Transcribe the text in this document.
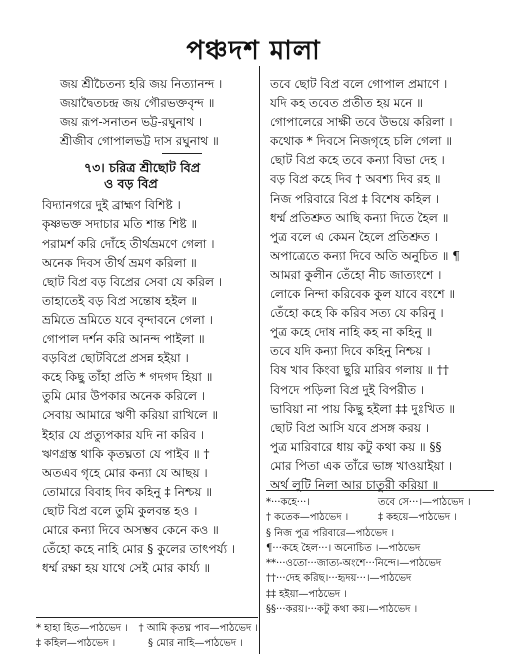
পঞ্চদশ মালা
জয় শ্রীচৈতন্য হরি জয় নিত্যানন্দ ।
জয়াদ্বৈতচন্দ্র জয় গৌরভক্তবৃন্দ ॥
জয় রূপ-সনাতন ভট্ট-রঘুনাথ ।
শ্রীজীব গোপালভট্ট দাস রঘুনাথ ॥
৭৩। চরিত্র শ্রীছোট বিপ্র
ও বড় বিপ্র
বিদ্যানগরে দুই ব্রাহ্মণ বিশিষ্ট ।
কৃষ্ণভক্ত সদাচার মতি শান্ত শিষ্ট ॥
পরামর্শ করি দোঁহে তীর্থভ্রমণে গেলা ।
অনেক দিবস তীর্থ ভ্রমণ করিলা ॥
ছোট বিপ্র বড় বিপ্রের সেবা যে করিল ।
তাহাতেই বড় বিপ্র সন্তোষ হইল ॥
ভ্রমিতে ভ্রমিতে যবে বৃন্দাবনে গেলা ।
গোপাল দর্শন করি আনন্দ পাইলা ॥
বড়বিপ্র ছোটবিপ্রে প্রসন্ন হইয়া ।
কহে কিছু তাঁহা প্রতি * গদগদ হিয়া ॥
তুমি মোর উপকার অনেক করিলে ।
সেবায় আমারে ঋণী করিয়া রাখিলে ॥
ইহার যে প্রত্যুপকার যদি না করিব ।
ঋণগ্রস্ত থাকি কৃতঘ্নতা যে পাইব ॥ †
অতএব গৃহে মোর কন্যা যে আছয় ।
তোমারে বিবাহ দিব কহিনু ‡ নিশ্চয় ॥
ছোট বিপ্র বলে তুমি কুলবন্ত হও ।
মোরে কন্যা দিবে অসম্ভব কেনে কও ॥
তেঁহো কহে নাহি মোর § কুলের তাৎপর্য্য ।
ধর্ম্ম রক্ষা হয় যাথে সেই মোর কার্য্য ॥
তবে ছোট বিপ্র বলে গোপাল প্রমাণে ।
যদি কহ তবেত প্রতীত হয় মনে ॥
গোপালেরে সাক্ষী তবে উভয়ে করিলা ।
কথোক * দিবসে নিজগৃহে চলি গেলা ॥
ছোট বিপ্র কহে তবে কন্যা বিভা দেহ ।
বড় বিপ্র কহে দিব † অবশ্য দিব রহ ॥
নিজ পরিবারে বিপ্র ‡ বিশেষ কহিল ।
ধর্ম্ম প্রতিশ্রুত আছি কন্যা দিতে হৈল ॥
পুত্র বলে এ কেমন হৈলে প্রতিশ্রুত ।
অপাত্রেতে কন্যা দিবে অতি অনুচিত ॥ ¶
আমরা কুলীন তেঁহো নীচ জাত্যংশে ।
লোকে নিন্দা করিবেক কুল যাবে বংশে ॥
তেঁহো কহে কি করিব সত্য যে করিনু ।
পুত্র কহে দোষ নাহি কহ না কহিনু ॥
তবে যদি কন্যা দিবে কহিনু নিশ্চয় ।
বিষ খাব কিংবা ছুরি মারিব গলায় ॥ ††
বিপদে পড়িলা বিপ্র দুই বিপরীত ।
ভাবিয়া না পায় কিছু হইলা ‡‡ দুঃখিত ॥
ছোট বিপ্র আসি যবে প্রসঙ্গ করয় ।
পুত্র মারিবারে ধায় কটু কথা কয় ॥ §§
মোর পিতা এক তাঁরে ভাঙ্গ খাওয়াইয়া ।
অর্থ লুটি নিলা আর চাতুরী করিয়া ॥
*···কহে···।	তবে সে···।—পাঠভেদ ।
† কতেক—পাঠভেদ ।	‡ কহয়ে—পাঠভেদ ।
§ নিজ পুত্র পরিবারে—পাঠভেদ ।
¶···কহে হৈল···। অনোচিত ।—পাঠভেদ
**···ওতো···জাত্য-অংশে···নিন্দে।—পাঠভেদ
††···দেহ করিছ।···হৃদয়···।—পাঠভেদ
‡‡ হইয়া—পাঠভেদ ।
§§···করয়।···কটু কথা কয়।—পাঠভেদ ।
* হাহা হিত—পাঠভেদ ।	† আমি কৃতঘ্ন পাব—পাঠভেদ ।
‡ কহিল—পাঠভেদ ।	§ মোর নাহি—পাঠভেদ ।
